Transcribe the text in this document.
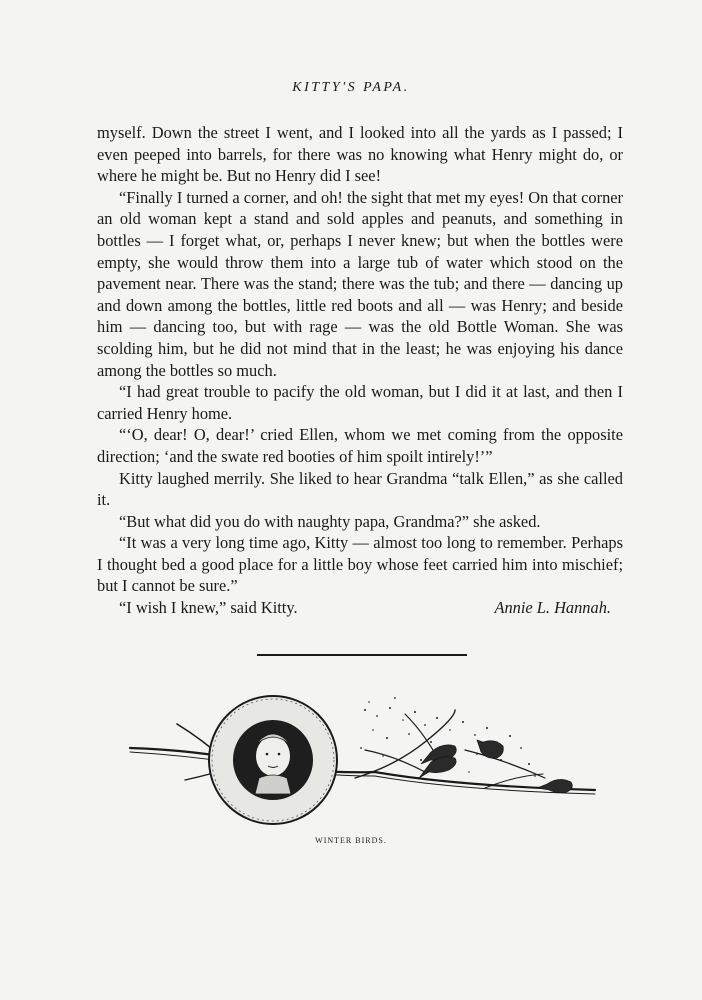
KITTY'S PAPA.

myself. Down the street I went, and I looked into all the yards as I passed; I even peeped into barrels, for there was no knowing what Henry might do, or where he might be. But no Henry did I see!

“Finally I turned a corner, and oh! the sight that met my eyes! On that corner an old woman kept a stand and sold apples and peanuts, and something in bottles — I forget what, or, perhaps I never knew; but when the bottles were empty, she would throw them into a large tub of water which stood on the pavement near. There was the stand; there was the tub; and there — dancing up and down among the bottles, little red boots and all — was Henry; and beside him — dancing too, but with rage — was the old Bottle Woman. She was scolding him, but he did not mind that in the least; he was enjoying his dance among the bottles so much.

“I had great trouble to pacify the old woman, but I did it at last, and then I carried Henry home.

“‘O, dear! O, dear!’ cried Ellen, whom we met coming from the opposite direction; ‘and the swate red booties of him spoilt intirely!’”

Kitty laughed merrily. She liked to hear Grandma “talk Ellen,” as she called it.

“But what did you do with naughty papa, Grandma?” she asked.

“It was a very long time ago, Kitty — almost too long to remember. Perhaps I thought bed a good place for a little boy whose feet carried him into mischief; but I cannot be sure.”

“I wish I knew,” said Kitty.	Annie L. Hannah.
WINTER BIRDS.
